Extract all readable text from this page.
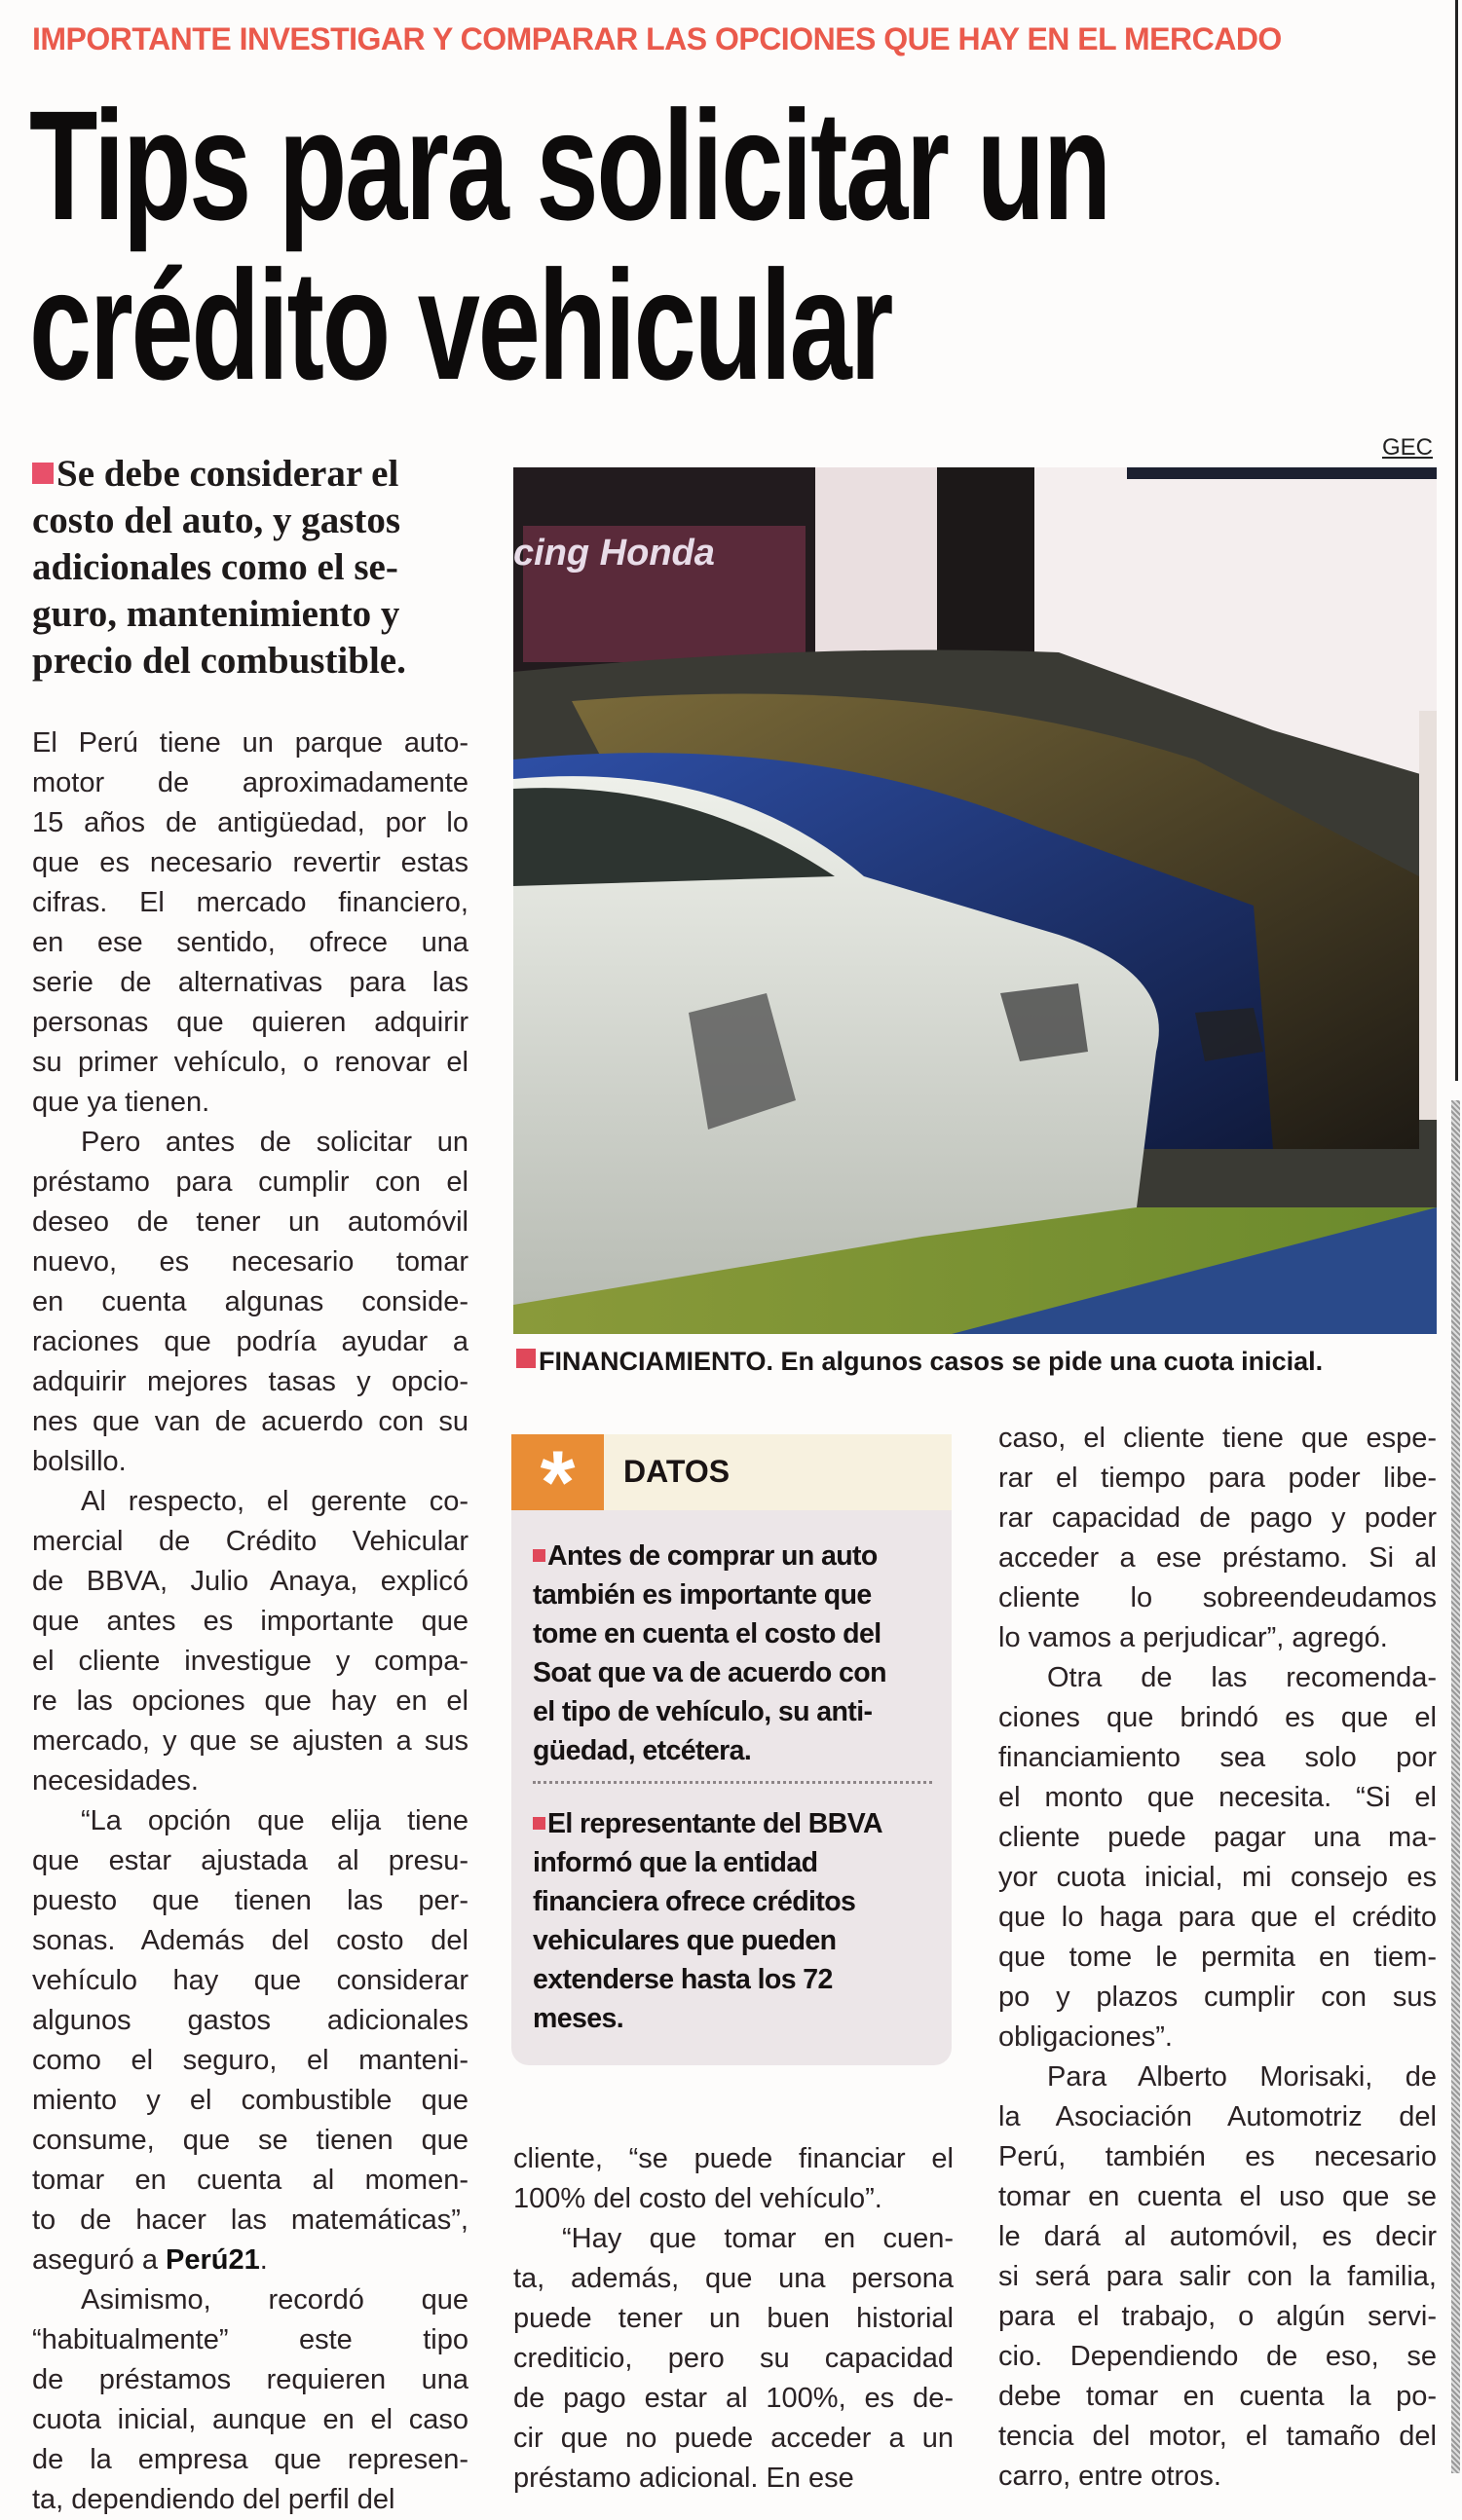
IMPORTANTE INVESTIGAR Y COMPARAR LAS OPCIONES QUE HAY EN EL MERCADO
Tips para solicitar un
crédito vehicular
Se debe considerar el
costo del auto, y gastos
adicionales como el se-
guro, mantenimiento y
precio del combustible.
GEC
cing Honda
FINANCIAMIENTO. En algunos casos se pide una cuota inicial.
*	DATOS
Antes de comprar un auto
también es importante que
tome en cuenta el costo del
Soat que va de acuerdo con
el tipo de vehículo, su anti-
güedad, etcétera.
El representante del BBVA
informó que la entidad
financiera ofrece créditos
vehiculares que pueden
extenderse hasta los 72
meses.
El Perú tiene un parque auto-
motor de aproximadamente
15 años de antigüedad, por lo
que es necesario revertir estas
cifras. El mercado financiero,
en ese sentido, ofrece una
serie de alternativas para las
personas que quieren adquirir
su primer vehículo, o renovar el
que ya tienen.
Pero antes de solicitar un
préstamo para cumplir con el
deseo de tener un automóvil
nuevo, es necesario tomar
en cuenta algunas conside-
raciones que podría ayudar a
adquirir mejores tasas y opcio-
nes que van de acuerdo con su
bolsillo.
Al respecto, el gerente co-
mercial de Crédito Vehicular
de BBVA, Julio Anaya, explicó
que antes es importante que
el cliente investigue y compa-
re las opciones que hay en el
mercado, y que se ajusten a sus
necesidades.
“La opción que elija tiene
que estar ajustada al presu-
puesto que tienen las per-
sonas. Además del costo del
vehículo hay que considerar
algunos gastos adicionales
como el seguro, el manteni-
miento y el combustible que
consume, que se tienen que
tomar en cuenta al momen-
to de hacer las matemáticas”,
aseguró a Perú21.
Asimismo, recordó que
“habitualmente” este tipo
de préstamos requieren una
cuota inicial, aunque en el caso
de la empresa que represen-
ta, dependiendo del perfil del
cliente, “se puede financiar el
100% del costo del vehículo”.
“Hay que tomar en cuen-
ta, además, que una persona
puede tener un buen historial
crediticio, pero su capacidad
de pago estar al 100%, es de-
cir que no puede acceder a un
préstamo adicional. En ese
caso, el cliente tiene que espe-
rar el tiempo para poder libe-
rar capacidad de pago y poder
acceder a ese préstamo. Si al
cliente lo sobreendeudamos
lo vamos a perjudicar”, agregó.
Otra de las recomenda-
ciones que brindó es que el
financiamiento sea solo por
el monto que necesita. “Si el
cliente puede pagar una ma-
yor cuota inicial, mi consejo es
que lo haga para que el crédito
que tome le permita en tiem-
po y plazos cumplir con sus
obligaciones”.
Para Alberto Morisaki, de
la Asociación Automotriz del
Perú, también es necesario
tomar en cuenta el uso que se
le dará al automóvil, es decir
si será para salir con la familia,
para el trabajo, o algún servi-
cio. Dependiendo de eso, se
debe tomar en cuenta la po-
tencia del motor, el tamaño del
carro, entre otros.
